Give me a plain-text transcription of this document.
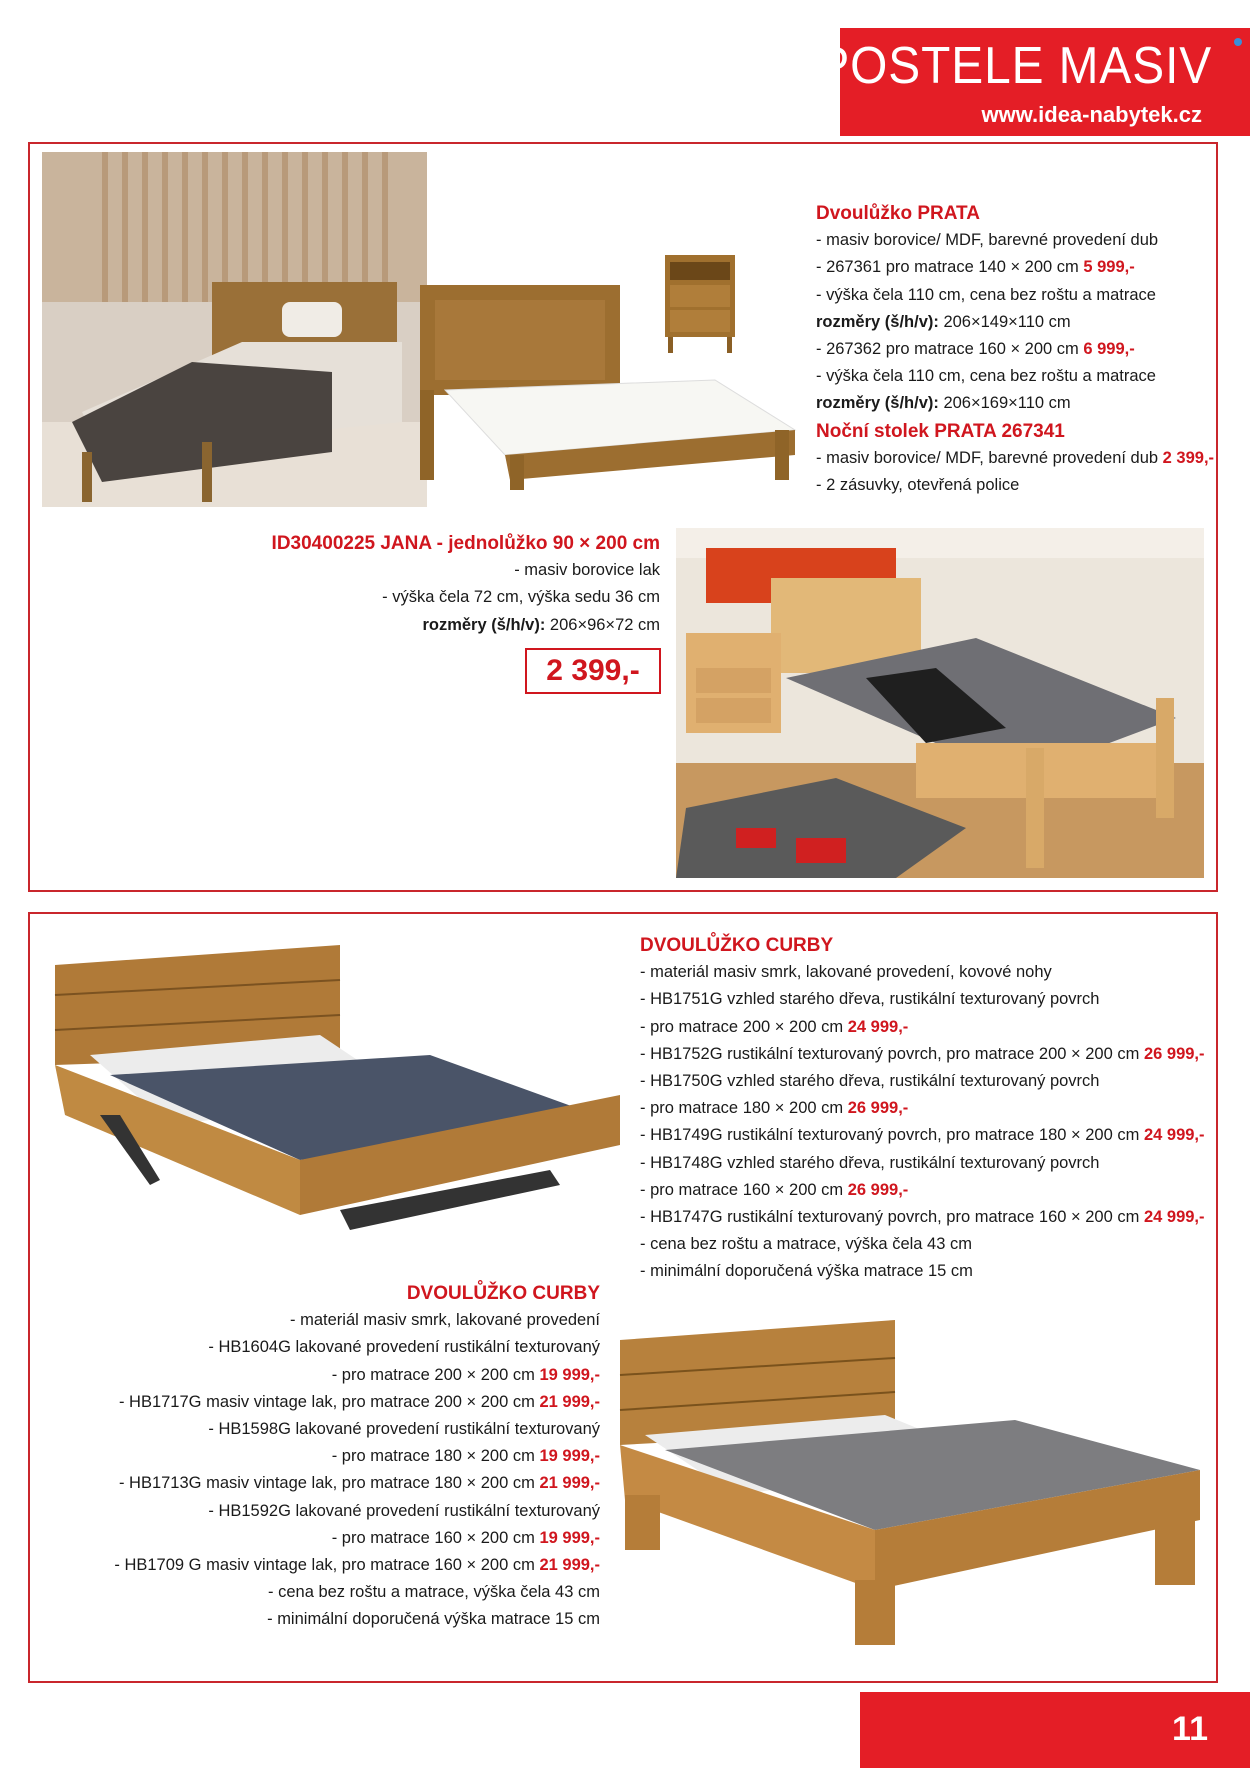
POSTELE MASIV
www.idea-nabytek.cz
Dvoulůžko PRATA
- masiv borovice/ MDF, barevné provedení dub
- 267361 pro matrace 140 × 200 cm 5 999,-
- výška čela 110 cm, cena bez roštu a matrace
rozměry (š/h/v): 206×149×110 cm
- 267362 pro matrace 160 × 200 cm 6 999,-
- výška čela 110 cm, cena bez roštu a matrace
rozměry (š/h/v): 206×169×110 cm
Noční stolek PRATA 267341
- masiv borovice/ MDF, barevné provedení dub 2 399,-
- 2 zásuvky, otevřená police
ID30400225 JANA - jednolůžko 90 × 200 cm
- masiv borovice lak
- výška čela 72 cm, výška sedu 36 cm
rozměry (š/h/v): 206×96×72 cm
2 399,-
DVOULŮŽKO CURBY
- materiál masiv smrk, lakované provedení, kovové nohy
- HB1751G vzhled starého dřeva, rustikální texturovaný povrch
- pro matrace 200 × 200 cm 24 999,-
- HB1752G rustikální texturovaný povrch, pro matrace 200 × 200 cm 26 999,-
- HB1750G vzhled starého dřeva, rustikální texturovaný povrch
- pro matrace 180 × 200 cm 26 999,-
- HB1749G rustikální texturovaný povrch, pro matrace 180 × 200 cm 24 999,-
- HB1748G vzhled starého dřeva, rustikální texturovaný povrch
- pro matrace 160 × 200 cm 26 999,-
- HB1747G rustikální texturovaný povrch, pro matrace 160 × 200 cm 24 999,-
- cena bez roštu a matrace, výška čela 43 cm
- minimální doporučená výška matrace 15 cm
DVOULŮŽKO CURBY
- materiál masiv smrk, lakované provedení
- HB1604G lakované provedení rustikální texturovaný
- pro matrace 200 × 200 cm 19 999,-
- HB1717G masiv vintage lak, pro matrace 200 × 200 cm 21 999,-
- HB1598G lakované provedení rustikální texturovaný
- pro matrace 180 × 200 cm 19 999,-
- HB1713G masiv vintage lak, pro matrace 180 × 200 cm 21 999,-
- HB1592G lakované provedení rustikální texturovaný
- pro matrace 160 × 200 cm 19 999,-
- HB1709 G masiv vintage lak, pro matrace 160 × 200 cm 21 999,-
- cena bez roštu a matrace, výška čela 43 cm
- minimální doporučená výška matrace 15 cm
11
